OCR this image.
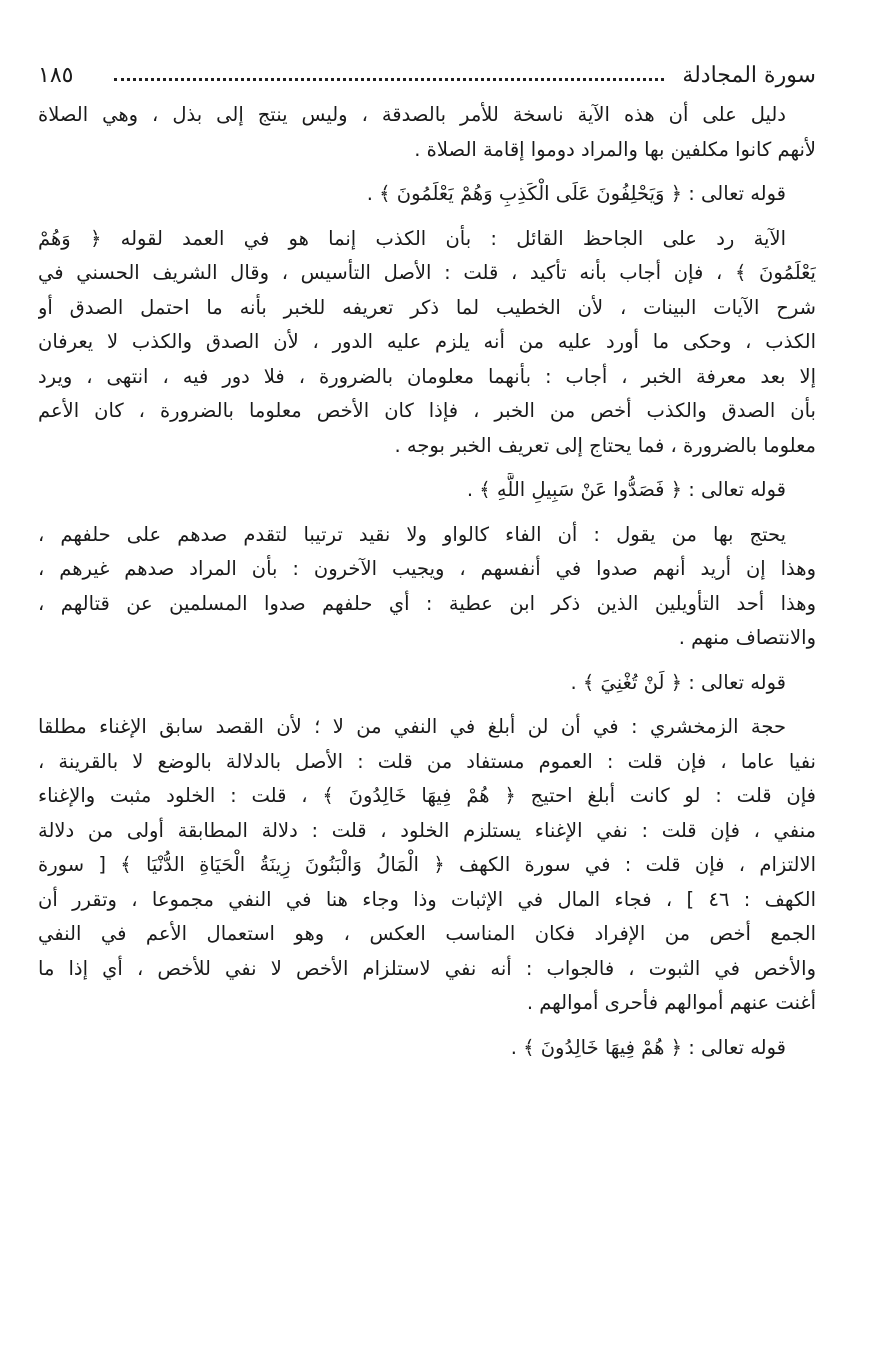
سورة المجادلة
١٨٥
دليل على أن هذه الآية ناسخة للأمر بالصدقة ، وليس ينتج إلى بذل ، وهي الصلاة
لأنهم كانوا مكلفين بها والمراد دوموا إقامة الصلاة .
قوله تعالى : ﴿ وَيَحْلِفُونَ عَلَى الْكَذِبِ وَهُمْ يَعْلَمُونَ ﴾ .
الآية رد على الجاحظ القائل : بأن الكذب إنما هو في العمد لقوله ﴿ وَهُمْ
يَعْلَمُونَ ﴾ ، فإن أجاب بأنه تأكيد ، قلت : الأصل التأسيس ، وقال الشريف الحسني في
شرح الآيات البينات ، لأن الخطيب لما ذكر تعريفه للخبر بأنه ما احتمل الصدق أو
الكذب ، وحكى ما أورد عليه من أنه يلزم عليه الدور ، لأن الصدق والكذب لا يعرفان
إلا بعد معرفة الخبر ، أجاب : بأنهما معلومان بالضرورة ، فلا دور فيه ، انتهى ، ويرد
بأن الصدق والكذب أخص من الخبر ، فإذا كان الأخص معلوما بالضرورة ، كان الأعم
معلوما بالضرورة ، فما يحتاج إلى تعريف الخبر بوجه .
قوله تعالى : ﴿ فَصَدُّوا عَنْ سَبِيلِ اللَّهِ ﴾ .
يحتج بها من يقول : أن الفاء كالواو ولا نقيد ترتيبا لتقدم صدهم على حلفهم ،
وهذا إن أريد أنهم صدوا في أنفسهم ، ويجيب الآخرون : بأن المراد صدهم غيرهم ،
وهذا أحد التأويلين الذين ذكر ابن عطية : أي حلفهم صدوا المسلمين عن قتالهم ،
والانتصاف منهم .
قوله تعالى : ﴿ لَنْ تُغْنِيَ ﴾ .
حجة الزمخشري : في أن لن أبلغ في النفي من لا ؛ لأن القصد سابق الإغناء مطلقا
نفيا عاما ، فإن قلت : العموم مستفاد من قلت : الأصل بالدلالة بالوضع لا بالقرينة ،
فإن قلت : لو كانت أبلغ احتيج ﴿ هُمْ فِيهَا خَالِدُونَ ﴾ ، قلت : الخلود مثبت والإغناء
منفي ، فإن قلت : نفي الإغناء يستلزم الخلود ، قلت : دلالة المطابقة أولى من دلالة
الالتزام ، فإن قلت : في سورة الكهف ﴿ الْمَالُ وَالْبَنُونَ زِينَةُ الْحَيَاةِ الدُّنْيَا ﴾ [ سورة
الكهف : ٤٦ ] ، فجاء المال في الإثبات وذا وجاء هنا في النفي مجموعا ، وتقرر أن
الجمع أخص من الإفراد فكان المناسب العكس ، وهو استعمال الأعم في النفي
والأخص في الثبوت ، فالجواب : أنه نفي لاستلزام الأخص لا نفي للأخص ، أي إذا ما
أغنت عنهم أموالهم فأحرى أموالهم .
قوله تعالى : ﴿ هُمْ فِيهَا خَالِدُونَ ﴾ .
